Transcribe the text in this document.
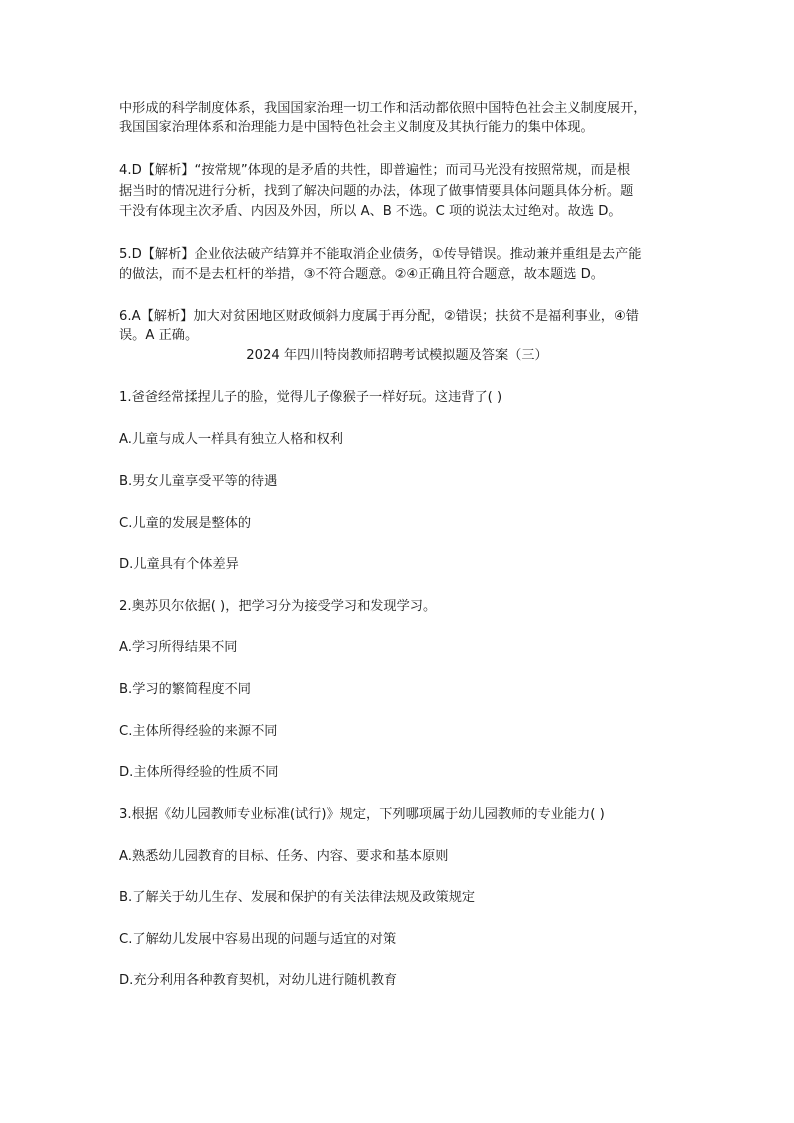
中形成的科学制度体系，我国国家治理一切工作和活动都依照中国特色社会主义制度展开，
我国国家治理体系和治理能力是中国特色社会主义制度及其执行能力的集中体现。
4.D【解析】“按常规”体现的是矛盾的共性，即普遍性；而司马光没有按照常规，而是根
据当时的情况进行分析，找到了解决问题的办法，体现了做事情要具体问题具体分析。题
干没有体现主次矛盾、内因及外因，所以 A、B 不选。C 项的说法太过绝对。故选 D。
5.D【解析】企业依法破产结算并不能取消企业债务，①传导错误。推动兼并重组是去产能
的做法，而不是去杠杆的举措，③不符合题意。②④正确且符合题意，故本题选 D。
6.A【解析】加大对贫困地区财政倾斜力度属于再分配，②错误；扶贫不是福利事业，④错
误。A 正确。
2024 年四川特岗教师招聘考试模拟题及答案（三）
1.爸爸经常揉捏儿子的脸，觉得儿子像猴子一样好玩。这违背了( )
A.儿童与成人一样具有独立人格和权利
B.男女儿童享受平等的待遇
C.儿童的发展是整体的
D.儿童具有个体差异
2.奥苏贝尔依据( )，把学习分为接受学习和发现学习。
A.学习所得结果不同
B.学习的繁简程度不同
C.主体所得经验的来源不同
D.主体所得经验的性质不同
3.根据《幼儿园教师专业标准(试行)》规定，下列哪项属于幼儿园教师的专业能力( )
A.熟悉幼儿园教育的目标、任务、内容、要求和基本原则
B.了解关于幼儿生存、发展和保护的有关法律法规及政策规定
C.了解幼儿发展中容易出现的问题与适宜的对策
D.充分利用各种教育契机，对幼儿进行随机教育
